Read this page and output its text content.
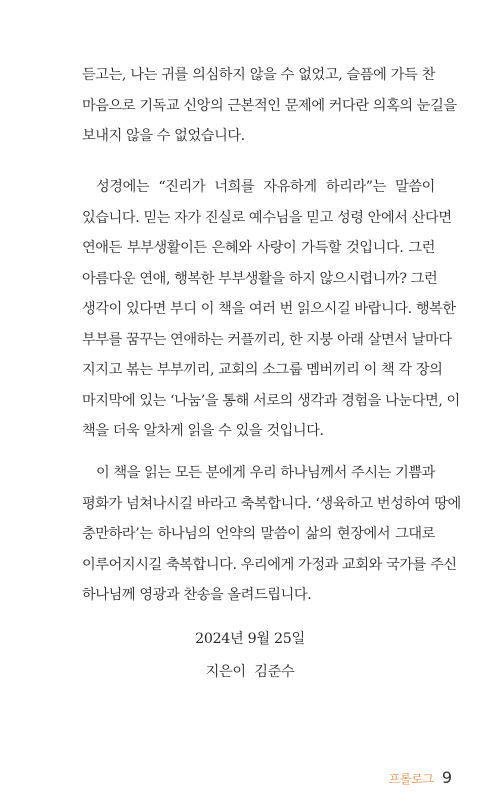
듣고는, 나는 귀를 의심하지 않을 수 없었고, 슬픔에 가득 찬
마음으로 기독교 신앙의 근본적인 문제에 커다란 의혹의 눈길을
보내지 않을 수 없었습니다.
성경에는 “진리가 너희를 자유하게 하리라”는 말씀이
있습니다. 믿는 자가 진실로 예수님을 믿고 성령 안에서 산다면
연애든 부부생활이든 은혜와 사랑이 가득할 것입니다. 그런
아름다운 연애, 행복한 부부생활을 하지 않으시렵니까? 그런
생각이 있다면 부디 이 책을 여러 번 읽으시길 바랍니다. 행복한
부부를 꿈꾸는 연애하는 커플끼리, 한 지붕 아래 살면서 날마다
지지고 볶는 부부끼리, 교회의 소그룹 멤버끼리 이 책 각 장의
마지막에 있는 ‘나눔’을 통해 서로의 생각과 경험을 나눈다면, 이
책을 더욱 알차게 읽을 수 있을 것입니다.
이 책을 읽는 모든 분에게 우리 하나님께서 주시는 기쁨과
평화가 넘쳐나시길 바라고 축복합니다. ‘생육하고 번성하여 땅에
충만하라’는 하나님의 언약의 말씀이 삶의 현장에서 그대로
이루어지시길 축복합니다. 우리에게 가정과 교회와 국가를 주신
하나님께 영광과 찬송을 올려드립니다.
2024년 9월 25일
지은이  김준수
프롤로그 9
